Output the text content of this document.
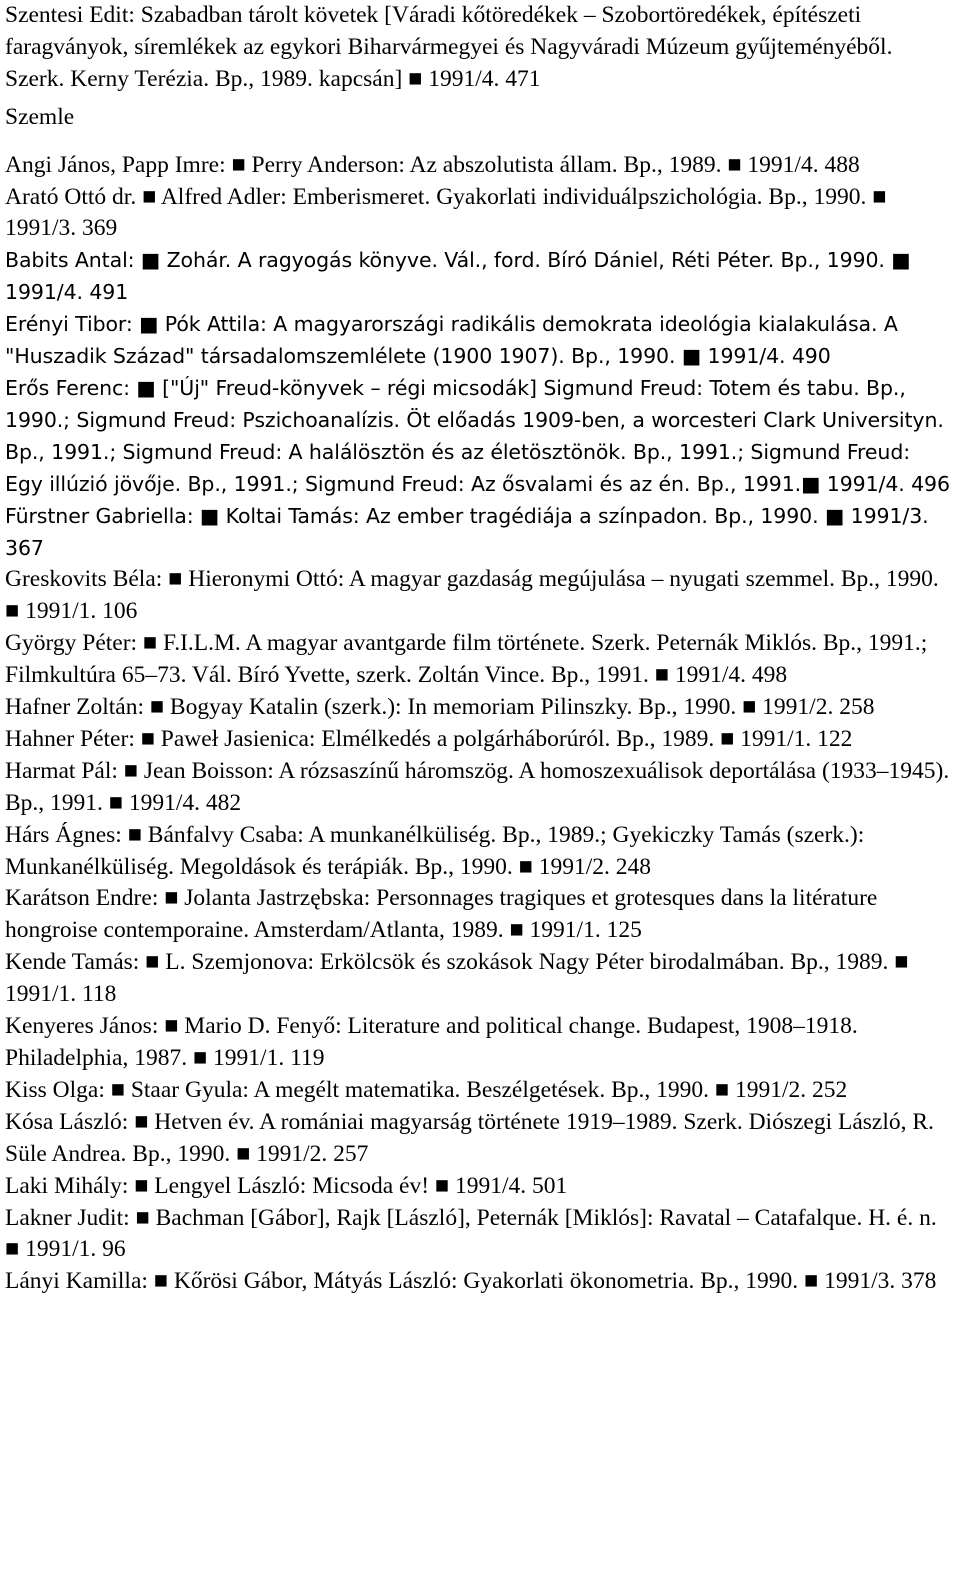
Szentesi Edit: Szabadban tárolt követek [Váradi kőtöredékek – Szobortöredékek, építészeti faragványok, síremlékek az egykori Biharvármegyei és Nagyváradi Múzeum gyűjteményéből. Szerk. Kerny Terézia. Bp., 1989. kapcsán] ■ 1991/4. 471

Szemle

Angi János, Papp Imre: ■ Perry Anderson: Az abszolutista állam. Bp., 1989. ■ 1991/4. 488

Arató Ottó dr. ■ Alfred Adler: Emberismeret. Gyakorlati individuálpszichológia. Bp., 1990. ■ 1991/3. 369

Babits Antal: ■ Zohár. A ragyogás könyve. Vál., ford. Bíró Dániel, Réti Péter. Bp., 1990. ■ 1991/4. 491

Erényi Tibor: ■ Pók Attila: A magyarországi radikális demokrata ideológia kialakulása. A "Huszadik Század" társadalomszemlélete (1900 1907). Bp., 1990. ■ 1991/4. 490

Erős Ferenc: ■ ["Új" Freud-könyvek – régi micsodák] Sigmund Freud: Totem és tabu. Bp., 1990.; Sigmund Freud: Pszichoanalízis. Öt előadás 1909-ben, a worcesteri Clark Universityn. Bp., 1991.; Sigmund Freud: A halálösztön és az életösztönök. Bp., 1991.; Sigmund Freud: Egy illúzió jövője. Bp., 1991.; Sigmund Freud: Az ősvalami és az én. Bp., 1991.■ 1991/4. 496

Fürstner Gabriella: ■ Koltai Tamás: Az ember tragédiája a színpadon. Bp., 1990. ■ 1991/3. 367

Greskovits Béla: ■ Hieronymi Ottó: A magyar gazdaság megújulása – nyugati szemmel. Bp., 1990. ■ 1991/1. 106

György Péter: ■ F.I.L.M. A magyar avantgarde film története. Szerk. Peternák Miklós. Bp., 1991.; Filmkultúra 65–73. Vál. Bíró Yvette, szerk. Zoltán Vince. Bp., 1991. ■ 1991/4. 498

Hafner Zoltán: ■ Bogyay Katalin (szerk.): In memoriam Pilinszky. Bp., 1990. ■ 1991/2. 258

Hahner Péter: ■ Paweł Jasienica: Elmélkedés a polgárháborúról. Bp., 1989. ■ 1991/1. 122

Harmat Pál: ■ Jean Boisson: A rózsaszínű háromszög. A homoszexuálisok deportálása (1933–1945). Bp., 1991. ■ 1991/4. 482

Hárs Ágnes: ■ Bánfalvy Csaba: A munkanélküliség. Bp., 1989.; Gyekiczky Tamás (szerk.): Munkanélküliség. Megoldások és terápiák. Bp., 1990. ■ 1991/2. 248

Karátson Endre: ■ Jolanta Jastrzębska: Personnages tragiques et grotesques dans la litérature hongroise contemporaine. Amsterdam/Atlanta, 1989. ■ 1991/1. 125

Kende Tamás: ■ L. Szemjonova: Erkölcsök és szokások Nagy Péter birodalmában. Bp., 1989. ■ 1991/1. 118

Kenyeres János: ■ Mario D. Fenyő: Literature and political change. Budapest, 1908–1918. Philadelphia, 1987. ■ 1991/1. 119

Kiss Olga: ■ Staar Gyula: A megélt matematika. Beszélgetések. Bp., 1990. ■ 1991/2. 252

Kósa László: ■ Hetven év. A romániai magyarság története 1919–1989. Szerk. Diószegi László, R. Süle Andrea. Bp., 1990. ■ 1991/2. 257

Laki Mihály: ■ Lengyel László: Micsoda év! ■ 1991/4. 501

Lakner Judit: ■ Bachman [Gábor], Rajk [László], Peternák [Miklós]: Ravatal – Catafalque. H. é. n. ■ 1991/1. 96

Lányi Kamilla: ■ Kőrösi Gábor, Mátyás László: Gyakorlati ökonometria. Bp., 1990. ■ 1991/3. 378
